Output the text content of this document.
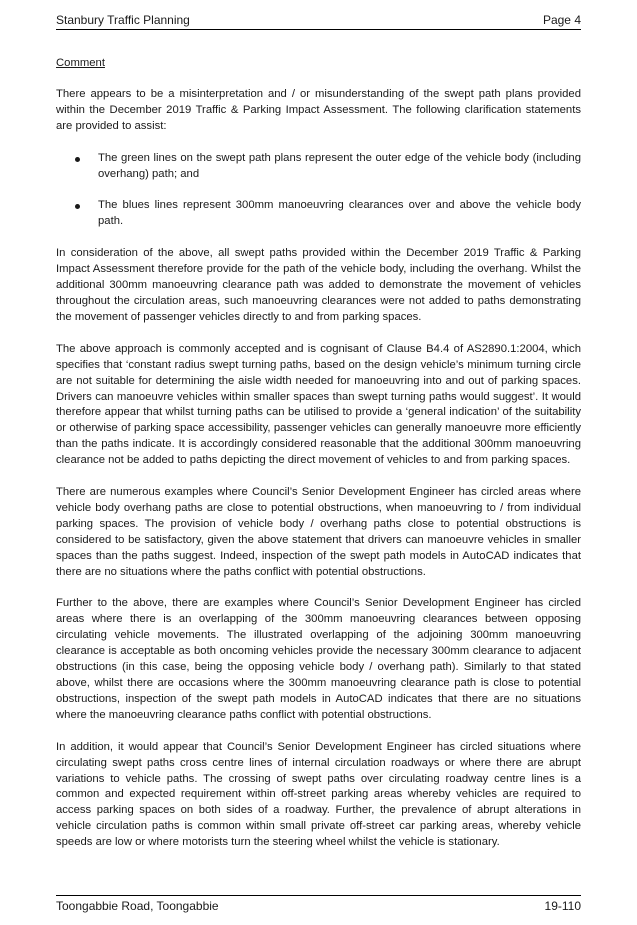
Stanbury Traffic Planning	Page 4

Comment

There appears to be a misinterpretation and / or misunderstanding of the swept path plans provided within the December 2019 Traffic & Parking Impact Assessment. The following clarification statements are provided to assist:

The green lines on the swept path plans represent the outer edge of the vehicle body (including overhang) path; and
The blues lines represent 300mm manoeuvring clearances over and above the vehicle body path.

In consideration of the above, all swept paths provided within the December 2019 Traffic & Parking Impact Assessment therefore provide for the path of the vehicle body, including the overhang. Whilst the additional 300mm manoeuvring clearance path was added to demonstrate the movement of vehicles throughout the circulation areas, such manoeuvring clearances were not added to paths demonstrating the movement of passenger vehicles directly to and from parking spaces.

The above approach is commonly accepted and is cognisant of Clause B4.4 of AS2890.1:2004, which specifies that ‘constant radius swept turning paths, based on the design vehicle’s minimum turning circle are not suitable for determining the aisle width needed for manoeuvring into and out of parking spaces. Drivers can manoeuvre vehicles within smaller spaces than swept turning paths would suggest’. It would therefore appear that whilst turning paths can be utilised to provide a ‘general indication’ of the suitability or otherwise of parking space accessibility, passenger vehicles can generally manoeuvre more efficiently than the paths indicate. It is accordingly considered reasonable that the additional 300mm manoeuvring clearance not be added to paths depicting the direct movement of vehicles to and from parking spaces.

There are numerous examples where Council’s Senior Development Engineer has circled areas where vehicle body overhang paths are close to potential obstructions, when manoeuvring to / from individual parking spaces. The provision of vehicle body / overhang paths close to potential obstructions is considered to be satisfactory, given the above statement that drivers can manoeuvre vehicles in smaller spaces than the paths suggest. Indeed, inspection of the swept path models in AutoCAD indicates that there are no situations where the paths conflict with potential obstructions.

Further to the above, there are examples where Council’s Senior Development Engineer has circled areas where there is an overlapping of the 300mm manoeuvring clearances between opposing circulating vehicle movements. The illustrated overlapping of the adjoining 300mm manoeuvring clearance is acceptable as both oncoming vehicles provide the necessary 300mm clearance to adjacent obstructions (in this case, being the opposing vehicle body / overhang path). Similarly to that stated above, whilst there are occasions where the 300mm manoeuvring clearance path is close to potential obstructions, inspection of the swept path models in AutoCAD indicates that there are no situations where the manoeuvring clearance paths conflict with potential obstructions.

In addition, it would appear that Council’s Senior Development Engineer has circled situations where circulating swept paths cross centre lines of internal circulation roadways or where there are abrupt variations to vehicle paths. The crossing of swept paths over circulating roadway centre lines is a common and expected requirement within off-street parking areas whereby vehicles are required to access parking spaces on both sides of a roadway. Further, the prevalence of abrupt alterations in vehicle circulation paths is common within small private off-street car parking areas, whereby vehicle speeds are low or where motorists turn the steering wheel whilst the vehicle is stationary.

Toongabbie Road, Toongabbie	19-110
